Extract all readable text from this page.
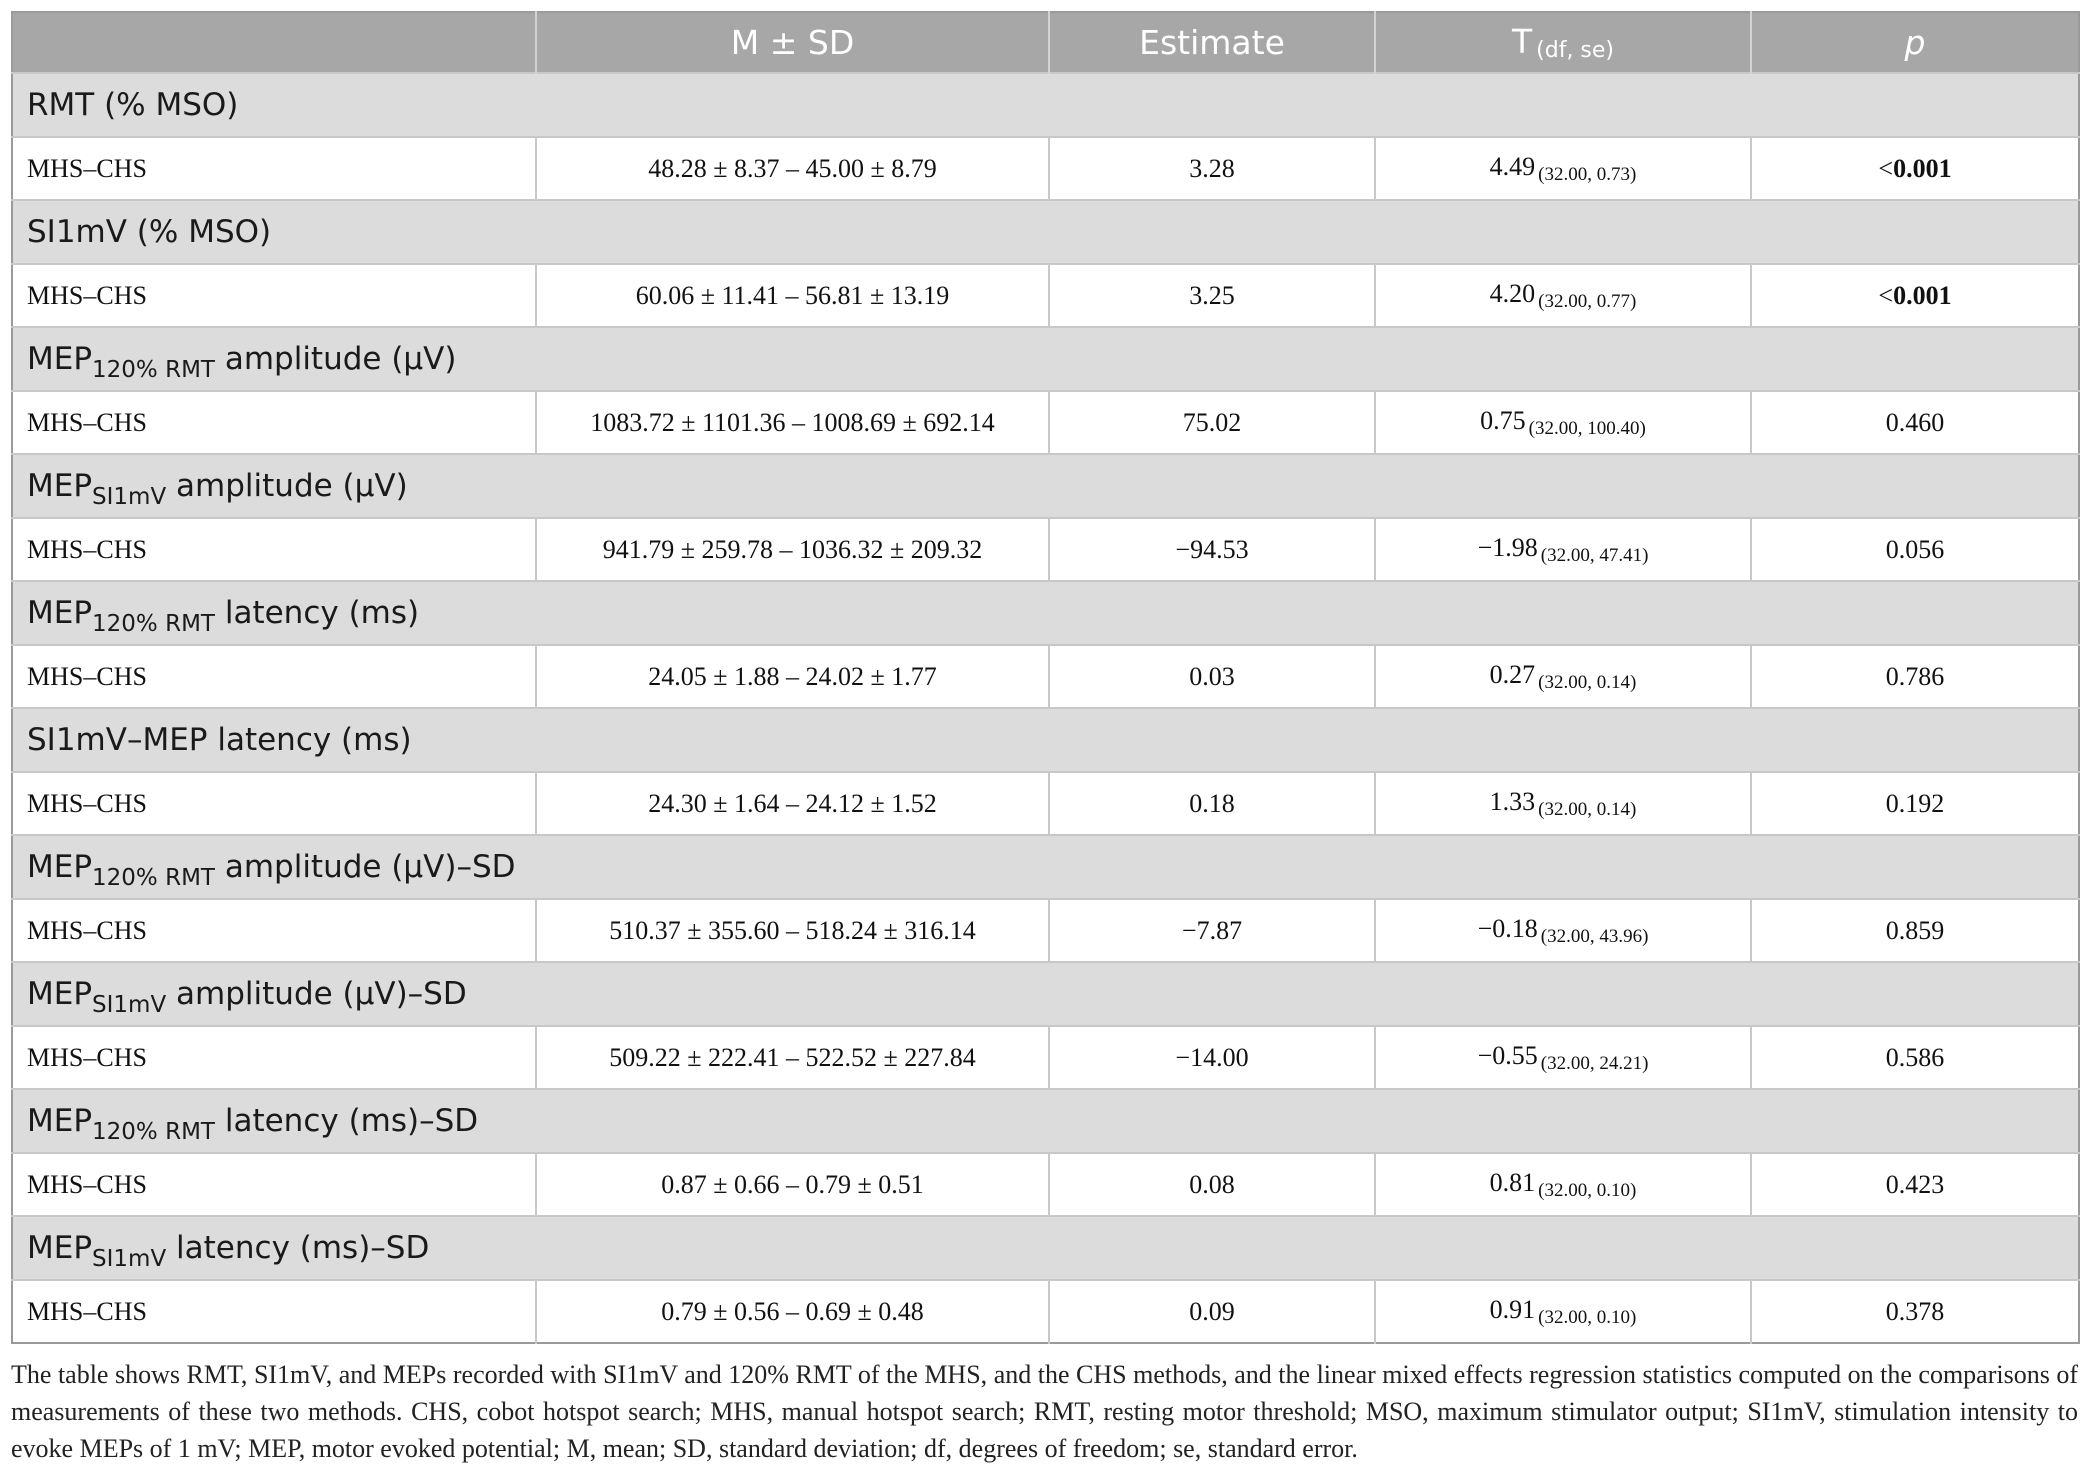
	M ± SD	Estimate	T (df, se)	p
RMT (% MSO)				
MHS–CHS	48.28 ± 8.37 – 45.00 ± 8.79	3.28	4.49 (32.00, 0.73)	<0.001
SI1mV (% MSO)				
MHS–CHS	60.06 ± 11.41 – 56.81 ± 13.19	3.25	4.20 (32.00, 0.77)	<0.001
$MEP_{120\% RMT}$ amplitude (μV)				
MHS–CHS	1083.72 ± 1101.36 – 1008.69 ± 692.14	75.02	0.75 (32.00, 100.40)	0.460
$MEP_{SI1mV}$ amplitude (μV)				
MHS–CHS	941.79 ± 259.78 – 1036.32 ± 209.32	−94.53	−1.98 (32.00, 47.41)	0.056
$MEP_{120\% RMT}$ latency (ms)				
MHS–CHS	24.05 ± 1.88 – 24.02 ± 1.77	0.03	0.27 (32.00, 0.14)	0.786
SI1mV–MEP latency (ms)				
MHS–CHS	24.30 ± 1.64 – 24.12 ± 1.52	0.18	1.33 (32.00, 0.14)	0.192
$MEP_{120\% RMT}$ amplitude (μV)–SD				
MHS–CHS	510.37 ± 355.60 – 518.24 ± 316.14	−7.87	−0.18 (32.00, 43.96)	0.859
$MEP_{SI1mV}$ amplitude (μV)–SD				
MHS–CHS	509.22 ± 222.41 – 522.52 ± 227.84	−14.00	−0.55 (32.00, 24.21)	0.586
$MEP_{120\% RMT}$ latency (ms)–SD				
MHS–CHS	0.87 ± 0.66 – 0.79 ± 0.51	0.08	0.81 (32.00, 0.10)	0.423
$MEP_{SI1mV}$ latency (ms)–SD				
MHS–CHS	0.79 ± 0.56 – 0.69 ± 0.48	0.09	0.91 (32.00, 0.10)	0.378
The table shows RMT, SI1mV, and MEPs recorded with SI1mV and 120% RMT of the MHS, and the CHS methods, and the linear mixed effects regression statistics computed on the comparisons of measurements of these two methods. CHS, cobot hotspot search; MHS, manual hotspot search; RMT, resting motor threshold; MSO, maximum stimulator output; SI1mV, stimulation intensity to evoke MEPs of 1 mV; MEP, motor evoked potential; M, mean; SD, standard deviation; df, degrees of freedom; se, standard error.
